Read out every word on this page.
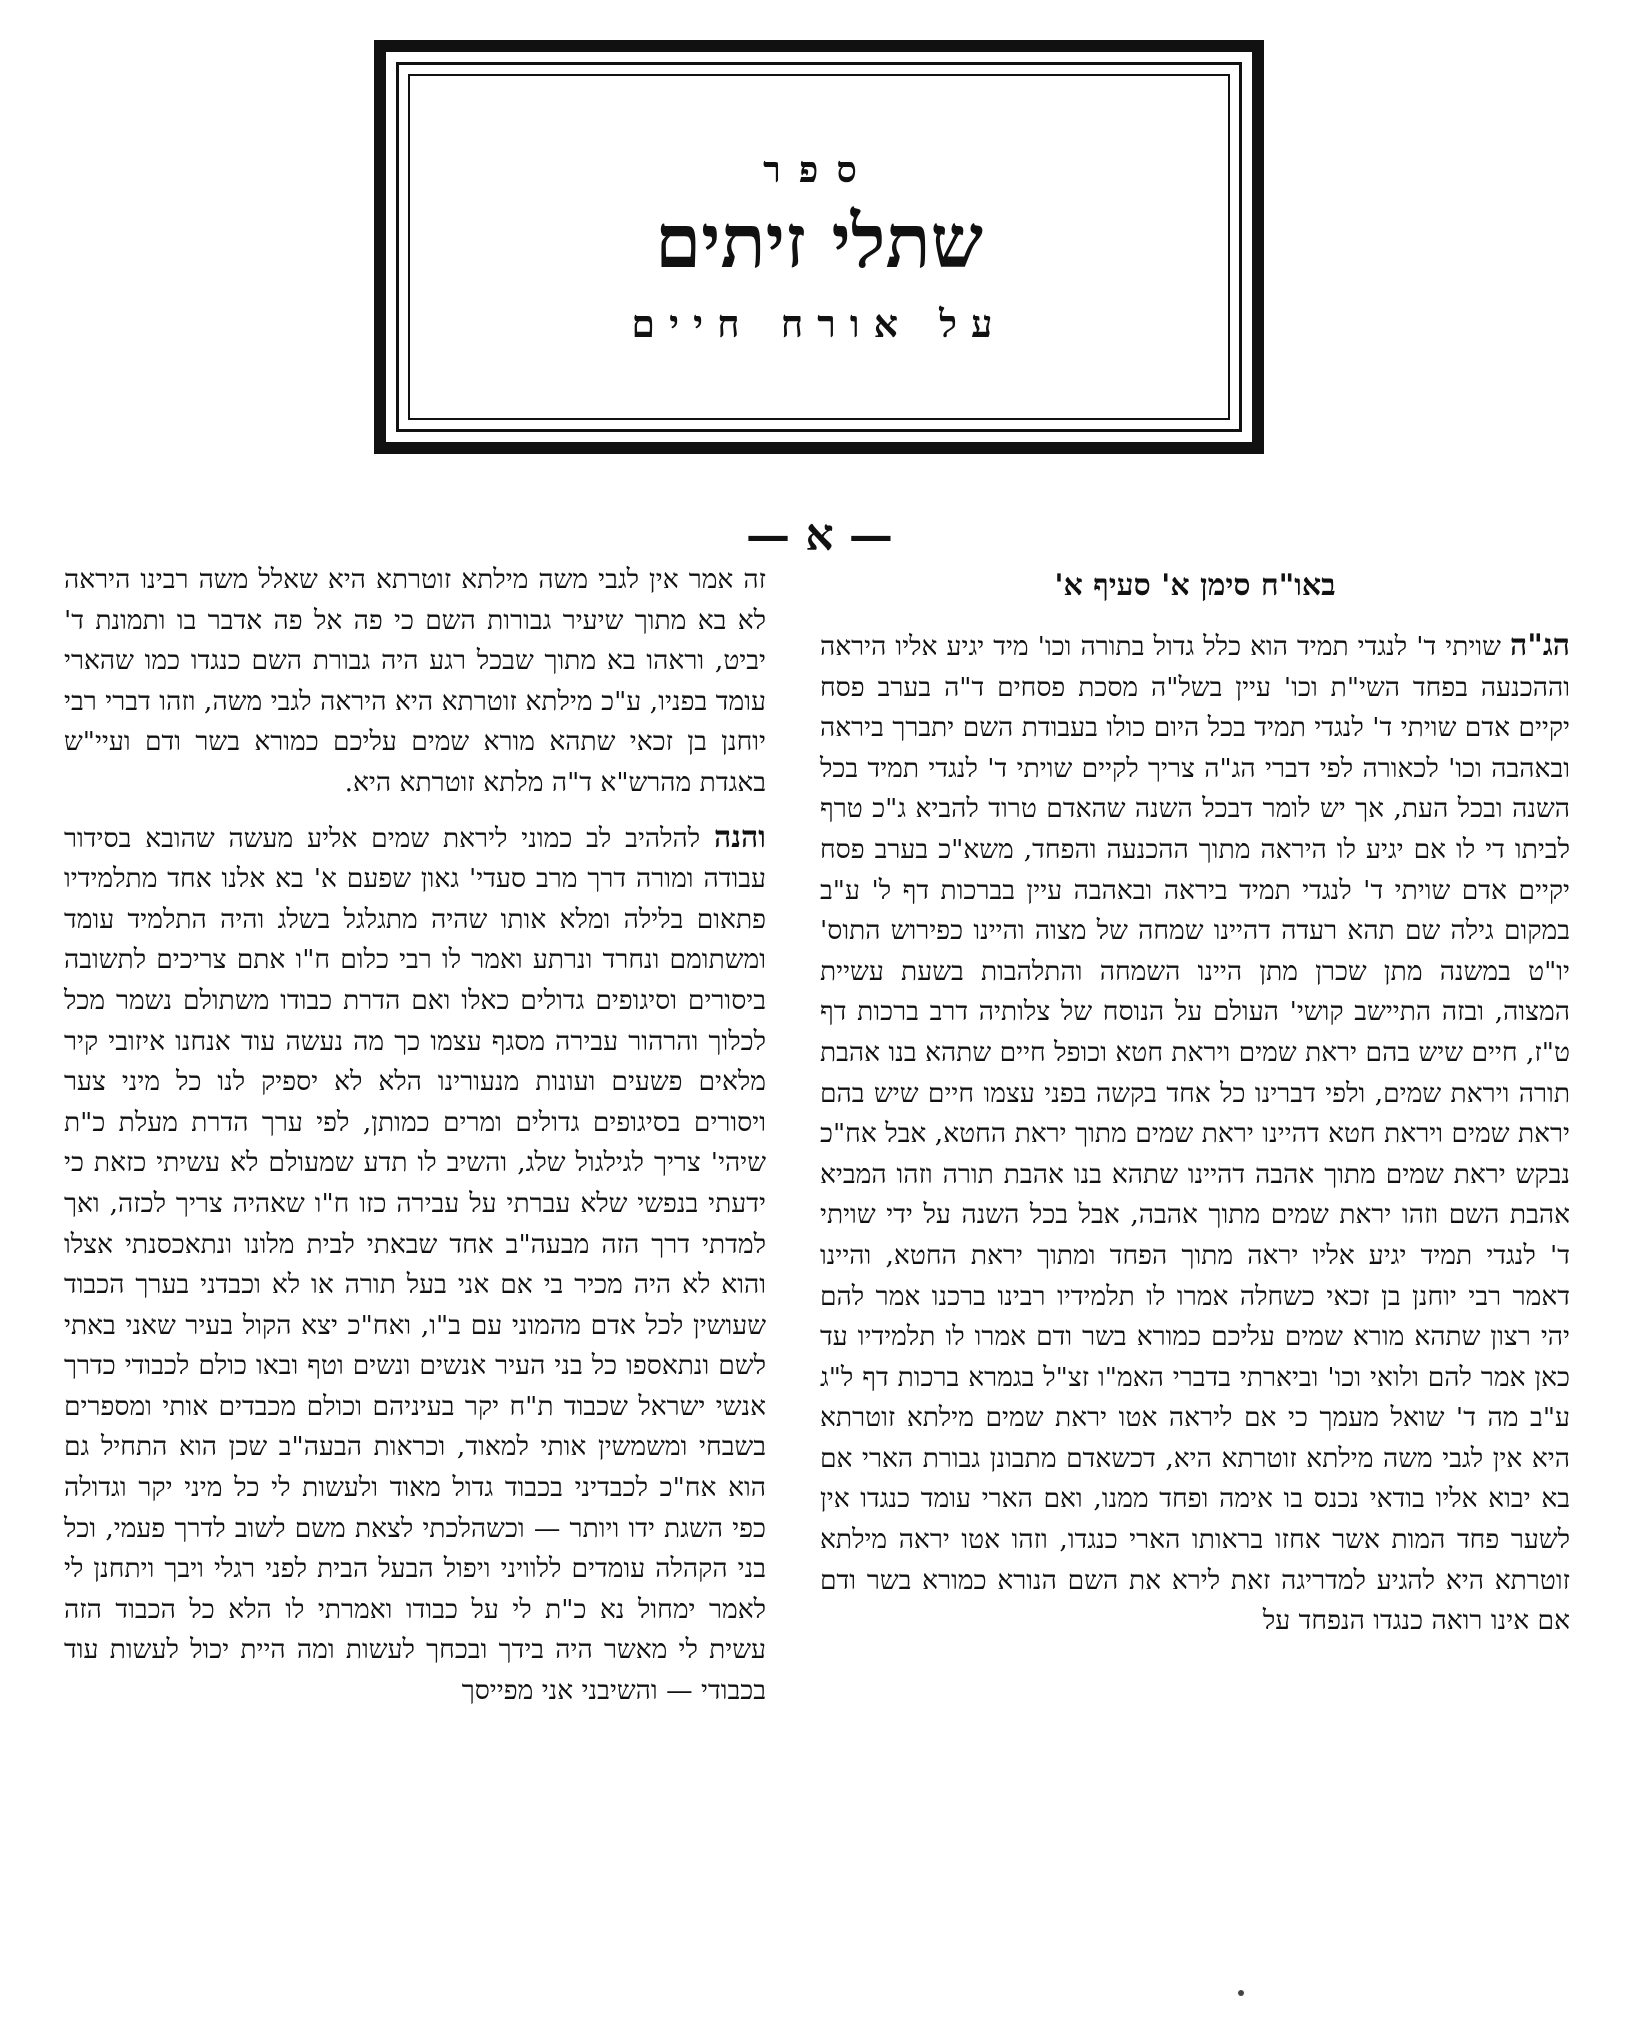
ספר

שתלי זיתים

על אורח חיים

— א —
באו"ח סימן א' סעיף א'

הג"ה שויתי ד' לנגדי תמיד הוא כלל גדול בתורה וכו' מיד יגיע אליו היראה וההכנעה בפחד השי"ת וכו' עיין בשל"ה מסכת פסחים ד"ה בערב פסח יקיים אדם שויתי ד' לנגדי תמיד בכל היום כולו בעבודת השם יתברך ביראה ובאהבה וכו' לכאורה לפי דברי הג"ה צריך לקיים שויתי ד' לנגדי תמיד בכל השנה ובכל העת, אך יש לומר דבכל השנה שהאדם טרוד להביא ג"כ טרף לביתו די לו אם יגיע לו היראה מתוך ההכנעה והפחד, משא"כ בערב פסח יקיים אדם שויתי ד' לנגדי תמיד ביראה ובאהבה עיין בברכות דף ל' ע"ב במקום גילה שם תהא רעדה דהיינו שמחה של מצוה והיינו כפירוש התוס' יו"ט במשנה מתן שכרן מתן היינו השמחה והתלהבות בשעת עשיית המצוה, ובזה התיישב קושי' העולם על הנוסח של צלותיה דרב ברכות דף ט"ז, חיים שיש בהם יראת שמים ויראת חטא וכופל חיים שתהא בנו אהבת תורה ויראת שמים, ולפי דברינו כל אחד בקשה בפני עצמו חיים שיש בהם יראת שמים ויראת חטא דהיינו יראת שמים מתוך יראת החטא, אבל אח"כ נבקש יראת שמים מתוך אהבה דהיינו שתהא בנו אהבת תורה וזהו המביא אהבת השם וזהו יראת שמים מתוך אהבה, אבל בכל השנה על ידי שויתי ד' לנגדי תמיד יגיע אליו יראה מתוך הפחד ומתוך יראת החטא, והיינו דאמר רבי יוחנן בן זכאי כשחלה אמרו לו תלמידיו רבינו ברכנו אמר להם יהי רצון שתהא מורא שמים עליכם כמורא בשר ודם אמרו לו תלמידיו עד כאן אמר להם ולואי וכו' וביארתי בדברי האמ"ו זצ"ל בגמרא ברכות דף ל"ג ע"ב מה ד' שואל מעמך כי אם ליראה אטו יראת שמים מילתא זוטרתא היא אין לגבי משה מילתא זוטרתא היא, דכשאדם מתבונן גבורת הארי אם בא יבוא אליו בודאי נכנס בו אימה ופחד ממנו, ואם הארי עומד כנגדו אין לשער פחד המות אשר אחזו בראותו הארי כנגדו, וזהו אטו יראה מילתא זוטרתא היא להגיע למדריגה זאת לירא את השם הנורא כמורא בשר ודם אם אינו רואה כנגדו הנפחד על

זה אמר אין לגבי משה מילתא זוטרתא היא שאלל משה רבינו היראה לא בא מתוך שיעיר גבורות השם כי פה אל פה אדבר בו ותמונת ד' יביט, וראהו בא מתוך שבכל רגע היה גבורת השם כנגדו כמו שהארי עומד בפניו, ע"כ מילתא זוטרתא היא היראה לגבי משה, וזהו דברי רבי יוחנן בן זכאי שתהא מורא שמים עליכם כמורא בשר ודם ועיי"ש באגדת מהרש"א ד"ה מלתא זוטרתא היא.

והנה להלהיב לב כמוני ליראת שמים אליע מעשה שהובא בסידור עבודה ומורה דרך מרב סעדי' גאון שפעם א' בא אלנו אחד מתלמידיו פתאום בלילה ומלא אותו שהיה מתגלגל בשלג והיה התלמיד עומד ומשתומם ונחרד ונרתע ואמר לו רבי כלום ח"ו אתם צריכים לתשובה ביסורים וסיגופים גדולים כאלו ואם הדרת כבודו משתולם נשמר מכל לכלוך והרהור עבירה מסגף עצמו כך מה נעשה עוד אנחנו איזובי קיר מלאים פשעים ועונות מנעורינו הלא לא יספיק לנו כל מיני צער ויסורים בסיגופים גדולים ומרים כמותן, לפי ערך הדרת מעלת כ"ת שיהי' צריך לגילגול שלג, והשיב לו תדע שמעולם לא עשיתי כזאת כי ידעתי בנפשי שלא עברתי על עבירה כזו ח"ו שאהיה צריך לכזה, ואך למדתי דרך הזה מבעה"ב אחד שבאתי לבית מלונו ונתאכסנתי אצלו והוא לא היה מכיר בי אם אני בעל תורה או לא וכבדני בערך הכבוד שעושין לכל אדם מהמוני עם ב"ו, ואח"כ יצא הקול בעיר שאני באתי לשם ונתאספו כל בני העיר אנשים ונשים וטף ובאו כולם לכבודי כדרך אנשי ישראל שכבוד ת"ח יקר בעיניהם וכולם מכבדים אותי ומספרים בשבחי ומשמשין אותי למאוד, וכראות הבעה"ב שכן הוא התחיל גם הוא אח"כ לכבדיני בכבוד גדול מאוד ולעשות לי כל מיני יקר וגדולה כפי השגת ידו ויותר — וכשהלכתי לצאת משם לשוב לדרך פעמי, וכל בני הקהלה עומדים ללוויני ויפול הבעל הבית לפני רגלי ויבך ויתחנן לי לאמר ימחול נא כ"ת לי על כבודו ואמרתי לו הלא כל הכבוד הזה עשית לי מאשר היה בידך ובכחך לעשות ומה היית יכול לעשות עוד בכבודי — והשיבני אני מפייסך
